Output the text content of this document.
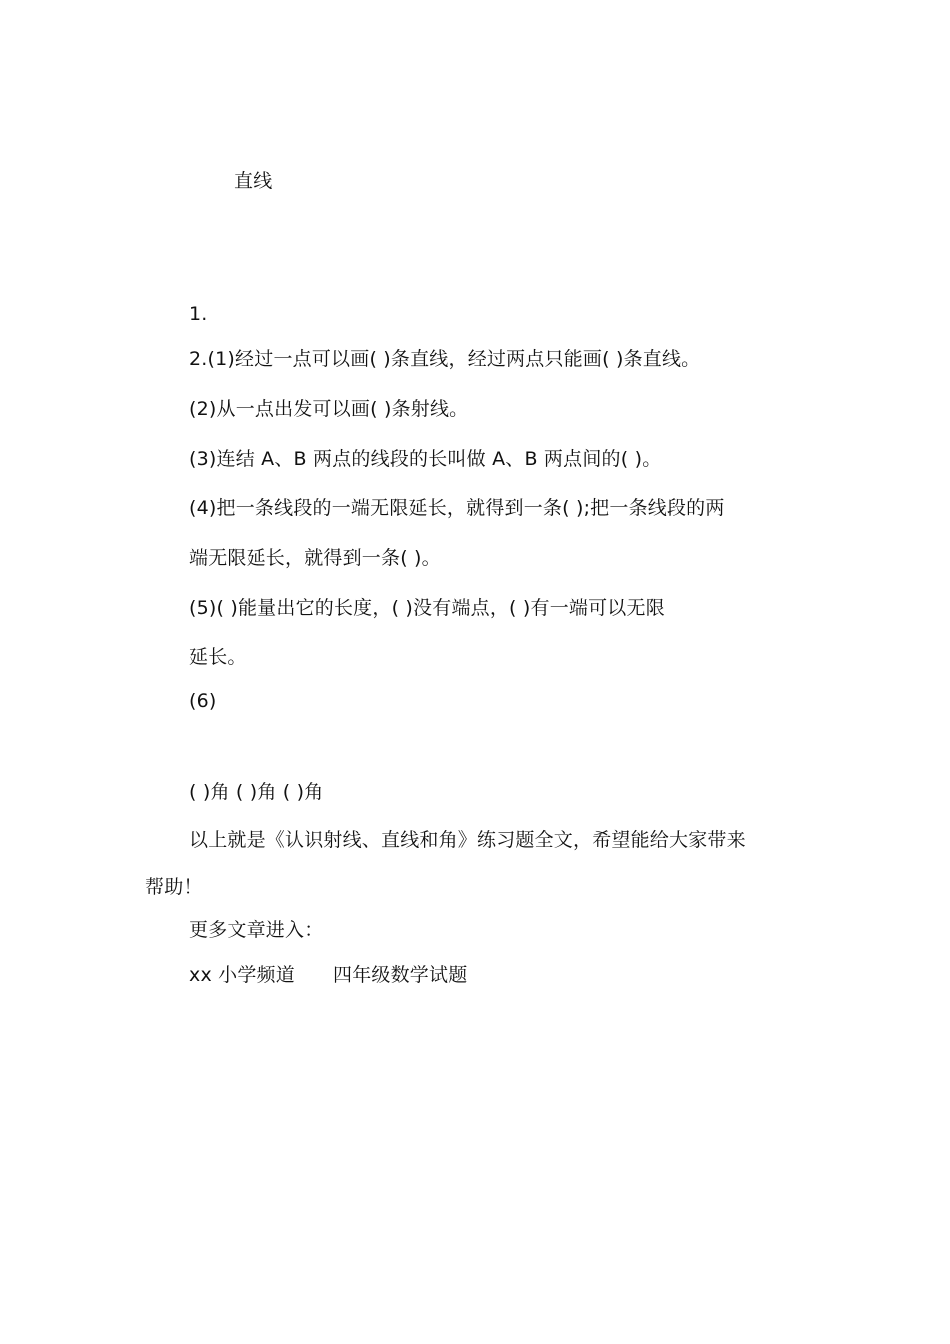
直线
1.
2.(1)经过一点可以画( )条直线，经过两点只能画( )条直线。
(2)从一点出发可以画( )条射线。
(3)连结 A、B 两点的线段的长叫做 A、B 两点间的( )。
(4)把一条线段的一端无限延长，就得到一条( );把一条线段的两
端无限延长，就得到一条( )。
(5)( )能量出它的长度，( )没有端点，( )有一端可以无限
延长。
(6)
( )角 ( )角 ( )角
以上就是《认识射线、直线和角》练习题全文，希望能给大家带来
帮助！
更多文章进入：
xx 小学频道 四年级数学试题
